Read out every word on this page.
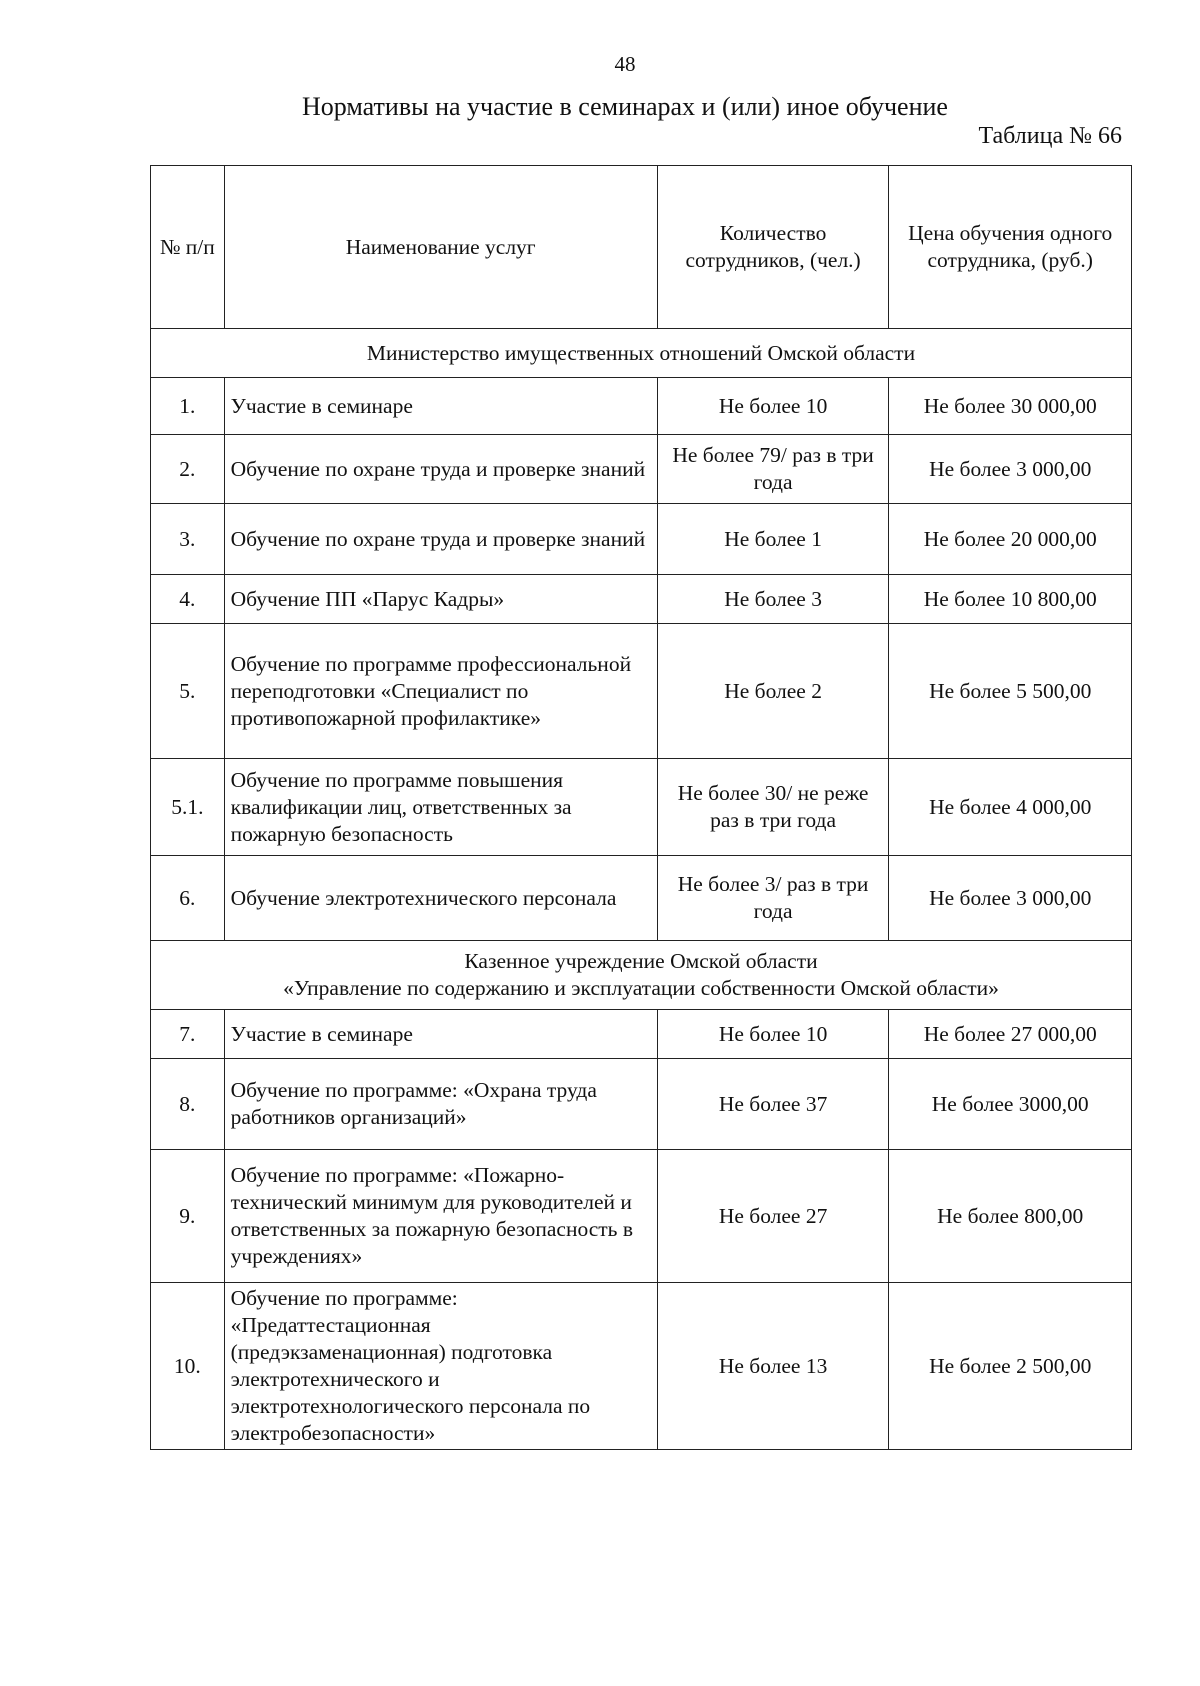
48
Нормативы на участие в семинарах и (или) иное обучение
Таблица № 66
№ п/п	Наименование услуг	Количество сотрудников, (чел.)	Цена обучения одного сотрудника, (руб.)
Министерство имущественных отношений Омской области			
1.	Участие в семинаре	Не более 10	Не более 30 000,00
2.	Обучение по охране труда и проверке знаний	Не более 79/ раз в три года	Не более 3 000,00
3.	Обучение по охране труда и проверке знаний	Не более 1	Не более 20 000,00
4.	Обучение ПП «Парус Кадры»	Не более 3	Не более 10 800,00
5.	Обучение по программе профессиональной переподготовки «Специалист по противопожарной профилактике»	Не более 2	Не более 5 500,00
5.1.	Обучение по программе повышения квалификации лиц, ответственных за пожарную безопасность	Не более 30/ не реже раз в три года	Не более 4 000,00
6.	Обучение электротехнического персонала	Не более 3/ раз в три года	Не более 3 000,00

Казенное учреждение Омской области
«Управление по содержанию и эксплуатации собственности Омской области»			

7.	Участие в семинаре	Не более 10	Не более 27 000,00
8.	Обучение по программе: «Охрана труда работников организаций»	Не более 37	Не более 3000,00
9.	Обучение по программе: «Пожарно-технический минимум для руководителей и ответственных за пожарную безопасность в учреждениях»	Не более 27	Не более 800,00
10.	Обучение по программе: «Предаттестационная (предэкзаменационная) подготовка электротехнического и электротехнологического персонала по электробезопасности»	Не более 13	Не более 2 500,00
